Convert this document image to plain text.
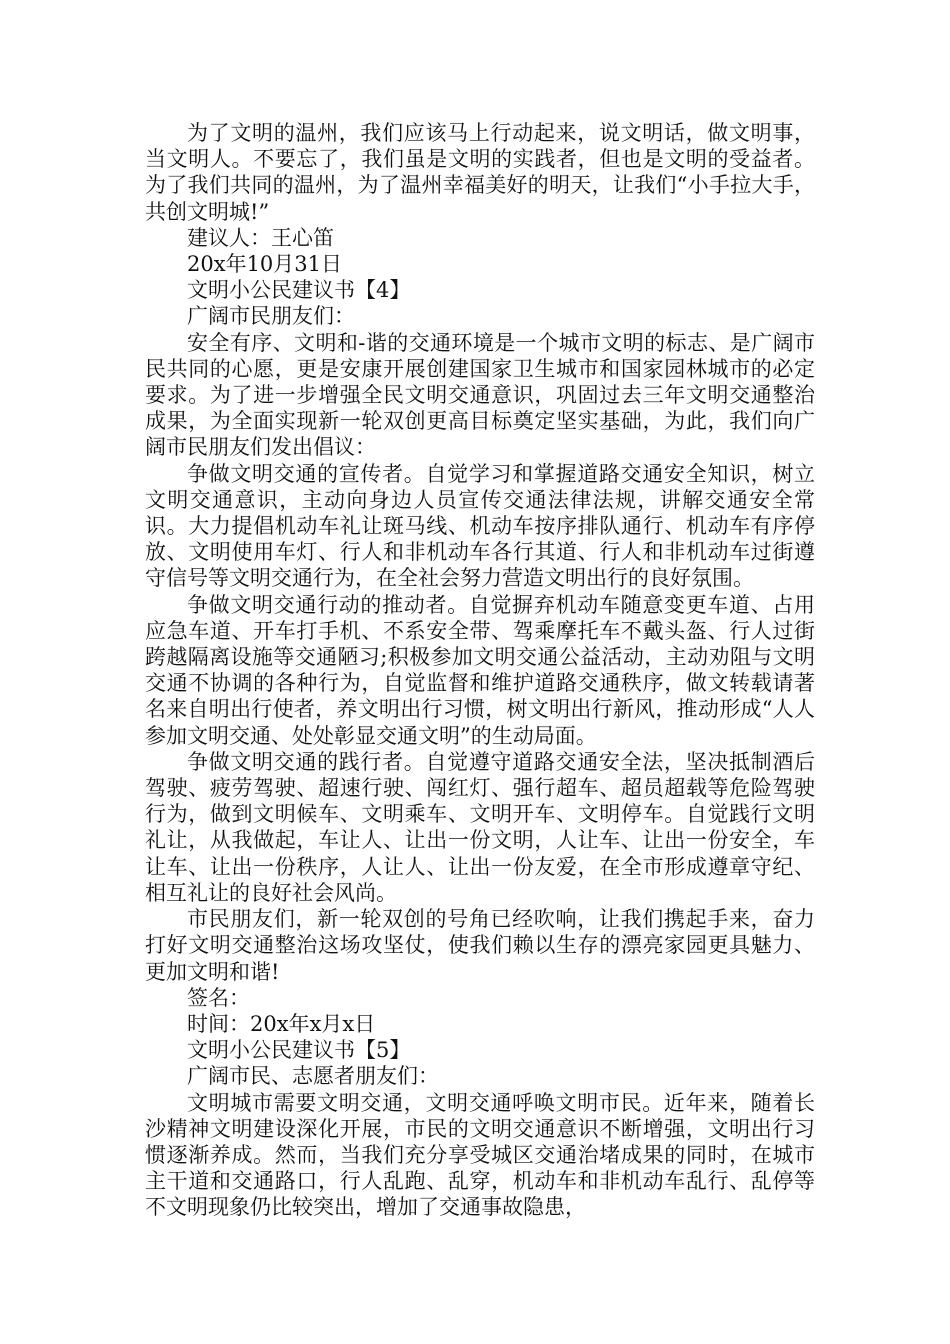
为了文明的温州，我们应该马上行动起来，说文明话，做文明事，当文明人。不要忘了，我们虽是文明的实践者，但也是文明的受益者。为了我们共同的温州，为了温州幸福美好的明天，让我们“小手拉大手，共创文明城!”

建议人：王心笛

20x年10月31日

文明小公民建议书【4】

广阔市民朋友们：

安全有序、文明和-谐的交通环境是一个城市文明的标志、是广阔市民共同的心愿，更是安康开展创建国家卫生城市和国家园林城市的必定要求。为了进一步增强全民文明交通意识，巩固过去三年文明交通整治成果，为全面实现新一轮双创更高目标奠定坚实基础，为此，我们向广阔市民朋友们发出倡议：

争做文明交通的宣传者。自觉学习和掌握道路交通安全知识，树立文明交通意识，主动向身边人员宣传交通法律法规，讲解交通安全常识。大力提倡机动车礼让斑马线、机动车按序排队通行、机动车有序停放、文明使用车灯、行人和非机动车各行其道、行人和非机动车过街遵守信号等文明交通行为，在全社会努力营造文明出行的良好氛围。

争做文明交通行动的推动者。自觉摒弃机动车随意变更车道、占用应急车道、开车打手机、不系安全带、驾乘摩托车不戴头盔、行人过街跨越隔离设施等交通陋习;积极参加文明交通公益活动，主动劝阻与文明交通不协调的各种行为，自觉监督和维护道路交通秩序，做文转载请著名来自明出行使者，养文明出行习惯，树文明出行新风，推动形成“人人参加文明交通、处处彰显交通文明”的生动局面。

争做文明交通的践行者。自觉遵守道路交通安全法，坚决抵制酒后驾驶、疲劳驾驶、超速行驶、闯红灯、强行超车、超员超载等危险驾驶行为，做到文明候车、文明乘车、文明开车、文明停车。自觉践行文明礼让，从我做起，车让人、让出一份文明，人让车、让出一份安全，车让车、让出一份秩序，人让人、让出一份友爱，在全市形成遵章守纪、相互礼让的良好社会风尚。

市民朋友们，新一轮双创的号角已经吹响，让我们携起手来，奋力打好文明交通整治这场攻坚仗，使我们赖以生存的漂亮家园更具魅力、更加文明和谐!

签名：

时间：20x年x月x日

文明小公民建议书【5】

广阔市民、志愿者朋友们：

文明城市需要文明交通，文明交通呼唤文明市民。近年来，随着长沙精神文明建设深化开展，市民的文明交通意识不断增强，文明出行习惯逐渐养成。然而，当我们充分享受城区交通治堵成果的同时，在城市主干道和交通路口，行人乱跑、乱穿，机动车和非机动车乱行、乱停等不文明现象仍比较突出，增加了交通事故隐患，
